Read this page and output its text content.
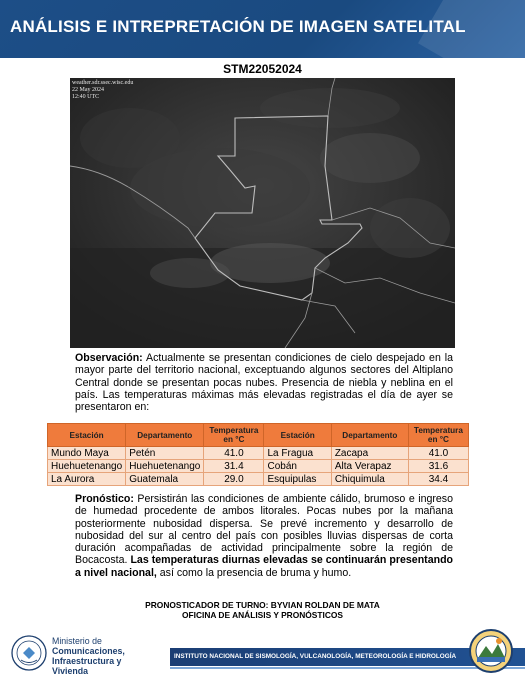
ANÁLISIS E INTREPRETACIÓN DE IMAGEN SATELITAL
STM22052024
weather.sdr.ssec.wisc.edu
22 May 2024
12:40 UTC
Observación: Actualmente se presentan condiciones de cielo despejado en la mayor parte del territorio nacional, exceptuando algunos sectores del Altiplano Central donde se presentan pocas nubes. Presencia de niebla y neblina en el país. Las temperaturas máximas más elevadas registradas el día de ayer se presentaron en:
Estación	Departamento	Temperatura en °C	Estación	Departamento	Temperatura en °C
Mundo Maya	Petén	41.0	La Fragua	Zacapa	41.0
Huehuetenango	Huehuetenango	31.4	Cobán	Alta Verapaz	31.6
La Aurora	Guatemala	29.0	Esquipulas	Chiquimula	34.4
Pronóstico: Persistirán las condiciones de ambiente cálido, brumoso e ingreso de humedad procedente de ambos litorales. Pocas nubes por la mañana posteriormente nubosidad dispersa. Se prevé incremento y desarrollo de nubosidad del sur al centro del país con posibles lluvias dispersas de corta duración acompañadas de actividad principalmente sobre la región de Bocacosta. Las temperaturas diurnas elevadas se continuarán presentando a nivel nacional, así como la presencia de bruma y humo.
PRONOSTICADOR DE TURNO: BYVIAN ROLDAN DE MATA
OFICINA DE ANÁLISIS Y PRONÓSTICOS
Ministerio de
Comunicaciones,
Infraestructura y
Vivienda
INSTITUTO NACIONAL DE SISMOLOGÍA, VULCANOLOGÍA, METEOROLOGÍA E HIDROLOGÍA
